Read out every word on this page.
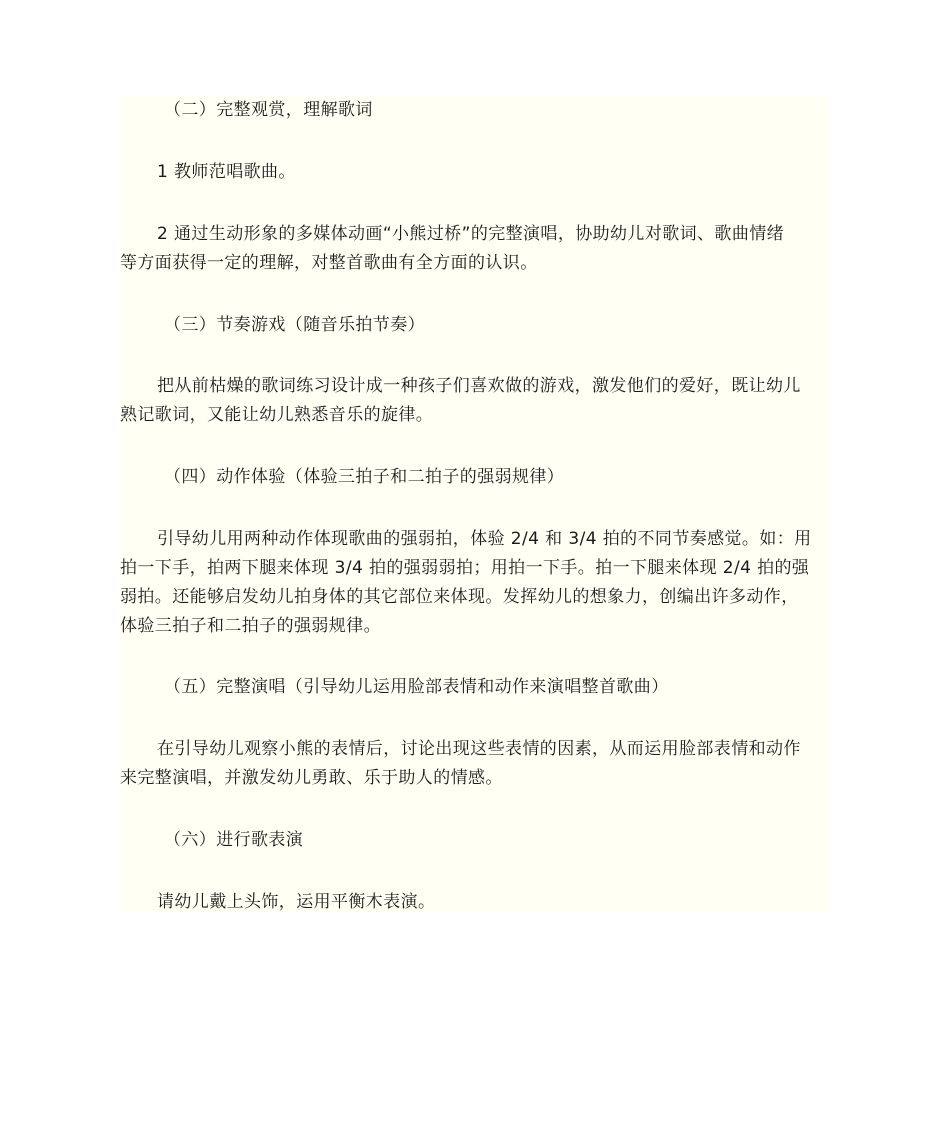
（二）完整观赏，理解歌词
1 教师范唱歌曲。
2 通过生动形象的多媒体动画“小熊过桥”的完整演唱，协助幼儿对歌词、歌曲情绪
等方面获得一定的理解，对整首歌曲有全方面的认识。
（三）节奏游戏（随音乐拍节奏）
把从前枯燥的歌词练习设计成一种孩子们喜欢做的游戏，激发他们的爱好，既让幼儿
熟记歌词，又能让幼儿熟悉音乐的旋律。
（四）动作体验（体验三拍子和二拍子的强弱规律）
引导幼儿用两种动作体现歌曲的强弱拍，体验 2/4 和 3/4 拍的不同节奏感觉。如：用
拍一下手，拍两下腿来体现 3/4 拍的强弱弱拍；用拍一下手。拍一下腿来体现 2/4 拍的强
弱拍。还能够启发幼儿拍身体的其它部位来体现。发挥幼儿的想象力，创编出许多动作，
体验三拍子和二拍子的强弱规律。
（五）完整演唱（引导幼儿运用脸部表情和动作来演唱整首歌曲）
在引导幼儿观察小熊的表情后，讨论出现这些表情的因素，从而运用脸部表情和动作
来完整演唱，并激发幼儿勇敢、乐于助人的情感。
（六）进行歌表演
请幼儿戴上头饰，运用平衡木表演。
